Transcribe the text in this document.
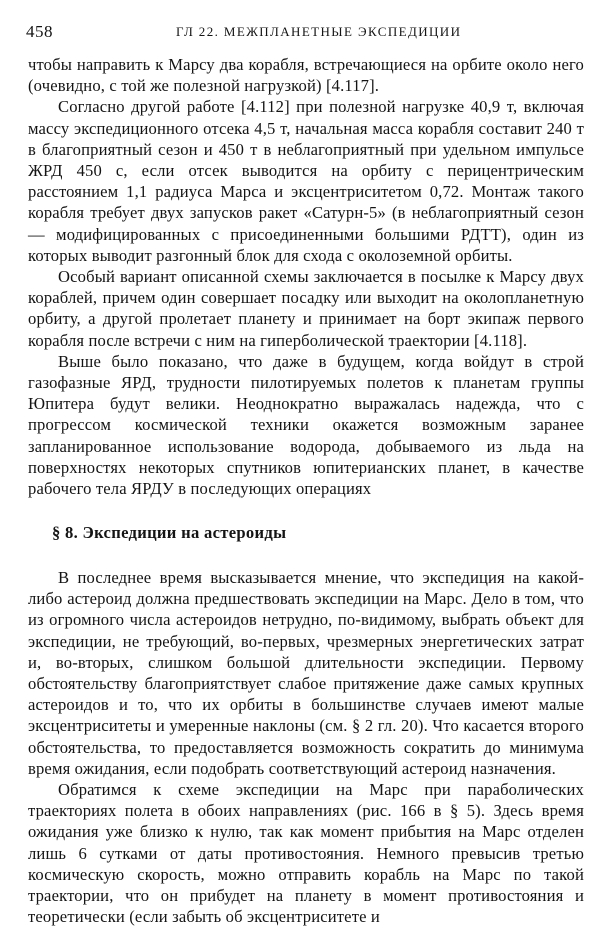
458	ГЛ 22. МЕЖПЛАНЕТНЫЕ ЭКСПЕДИЦИИ

чтобы направить к Марсу два корабля, встречающиеся на орбите около него (очевидно, с той же полезной нагрузкой) [4.117].

Согласно другой работе [4.112] при полезной нагрузке 40,9 т, включая массу экспедиционного отсека 4,5 т, начальная масса корабля составит 240 т в благоприятный сезон и 450 т в неблагоприятный при удельном импульсе ЖРД 450 с, если отсек выводится на орбиту с перицентрическим расстоянием 1,1 радиуса Марса и эксцентриситетом 0,72. Монтаж такого корабля требует двух запусков ракет «Сатурн-5» (в неблагоприятный сезон — модифицированных с присоединенными большими РДТТ), один из которых выводит разгонный блок для схода с околоземной орбиты.

Особый вариант описанной схемы заключается в посылке к Марсу двух кораблей, причем один совершает посадку или выходит на околопланетную орбиту, а другой пролетает планету и принимает на борт экипаж первого корабля после встречи с ним на гиперболической траектории [4.118].

Выше было показано, что даже в будущем, когда войдут в строй газофазные ЯРД, трудности пилотируемых полетов к планетам группы Юпитера будут велики. Неоднократно выражалась надежда, что с прогрессом космической техники окажется возможным заранее запланированное использование водорода, добываемого из льда на поверхностях некоторых спутников юпитерианских планет, в качестве рабочего тела ЯРДУ в последующих операциях

§ 8. Экспедиции на астероиды

В последнее время высказывается мнение, что экспедиция на какой-либо астероид должна предшествовать экспедиции на Марс. Дело в том, что из огромного числа астероидов нетрудно, по-видимому, выбрать объект для экспедиции, не требующий, во-первых, чрезмерных энергетических затрат и, во-вторых, слишком большой длительности экспедиции. Первому обстоятельству благоприятствует слабое притяжение даже самых крупных астероидов и то, что их орбиты в большинстве случаев имеют малые эксцентриситеты и умеренные наклоны (см. § 2 гл. 20). Что касается второго обстоятельства, то предоставляется возможность сократить до минимума время ожидания, если подобрать соответствующий астероид назначения.

Обратимся к схеме экспедиции на Марс при параболических траекториях полета в обоих направлениях (рис. 166 в § 5). Здесь время ожидания уже близко к нулю, так как момент прибытия на Марс отделен лишь 6 сутками от даты противостояния. Немного превысив третью космическую скорость, можно отправить корабль на Марс по такой траектории, что он прибудет на планету в момент противостояния и теоретически (если забыть об эксцентриситете и
